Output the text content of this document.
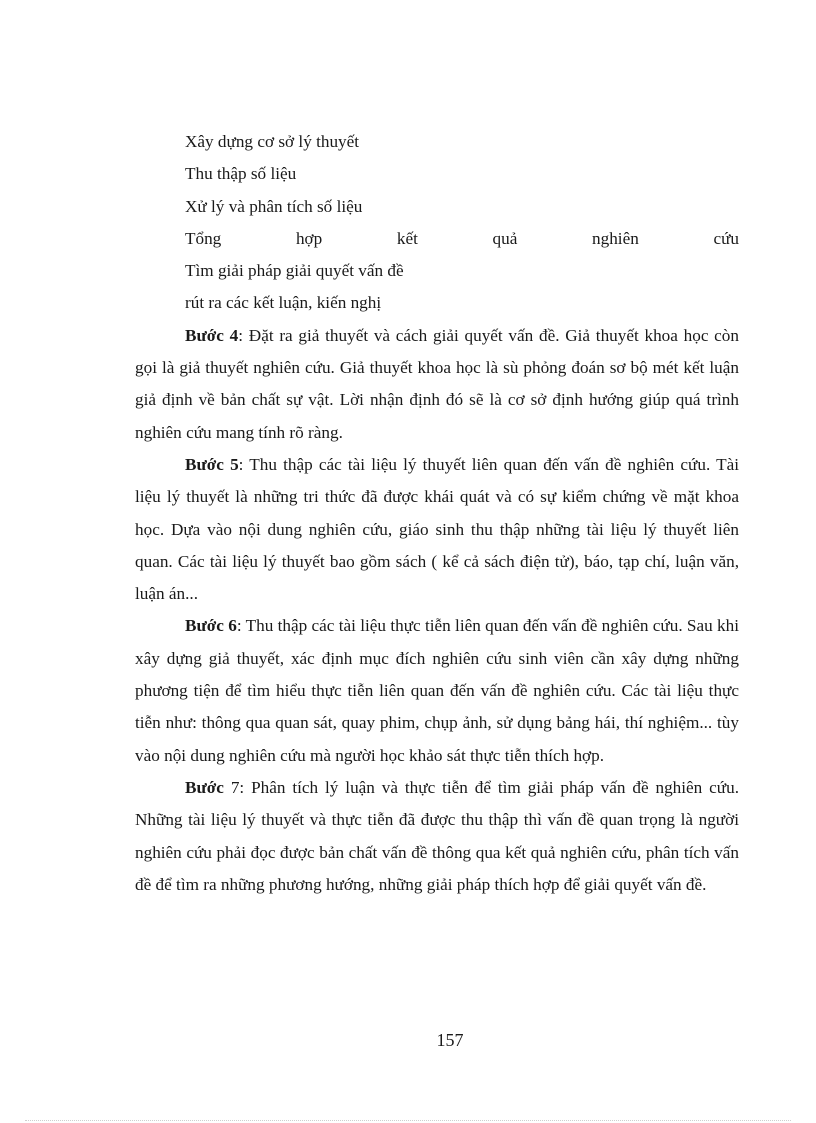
Xây dựng cơ sở lý thuyết
Thu thập số liệu
Xử lý và phân tích số liệu
Tổng	hợp	kết	quả	nghiên	cứu
Tìm giải pháp giải quyết vấn đề
rút ra các kết luận, kiến nghị

Bước 4: Đặt ra giả thuyết và cách giải quyết vấn đề. Giả thuyết khoa học còn gọi là giả thuyết nghiên cứu. Giả thuyết khoa học là sù phỏng đoán sơ bộ mét kết luận giả định về bản chất sự vật. Lời nhận định đó sẽ là cơ sở định hướng giúp quá trình nghiên cứu mang tính rõ ràng.

Bước 5: Thu thập các tài liệu lý thuyết liên quan đến vấn đề nghiên cứu. Tài liệu lý thuyết là những tri thức đã được khái quát và có sự kiểm chứng về mặt khoa học. Dựa vào nội dung nghiên cứu, giáo sinh thu thập những tài liệu lý thuyết liên quan. Các tài liệu lý thuyết bao gồm sách ( kể cả sách điện tử), báo, tạp chí, luận văn, luận án...

Bước 6: Thu thập các tài liệu thực tiễn liên quan đến vấn đề nghiên cứu. Sau khi xây dựng giả thuyết, xác định mục đích nghiên cứu sinh viên cần xây dựng những phương tiện để tìm hiểu thực tiễn liên quan đến vấn đề nghiên cứu. Các tài liệu thực tiễn như: thông qua quan sát, quay phim, chụp ảnh, sử dụng bảng hái, thí nghiệm... tùy vào nội dung nghiên cứu mà người học khảo sát thực tiễn thích hợp.

Bước 7: Phân tích lý luận và thực tiễn để tìm giải pháp vấn đề nghiên cứu. Những tài liệu lý thuyết và thực tiễn đã được thu thập thì vấn đề quan trọng là người nghiên cứu phải đọc được bản chất vấn đề thông qua kết quả nghiên cứu, phân tích vấn đề để tìm ra những phương hướng, những giải pháp thích hợp để giải quyết vấn đề.

157
